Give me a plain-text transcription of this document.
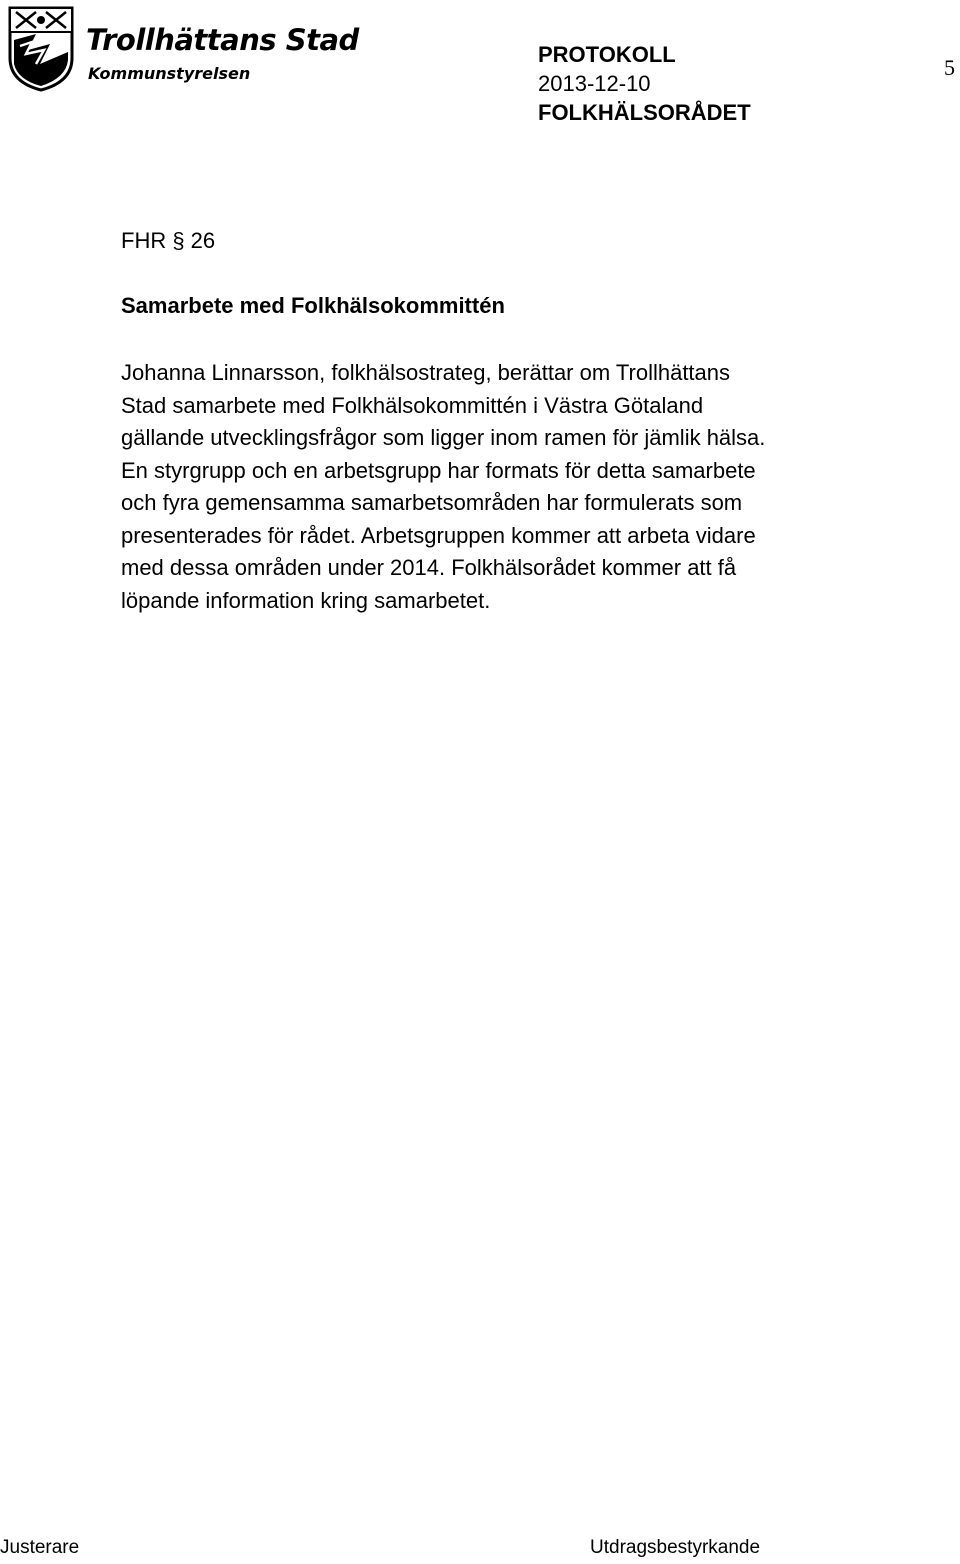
Trollhättans Stad
Kommunstyrelsen
PROTOKOLL
2013-12-10
FOLKHÄLSORÅDET
5
FHR § 26
Samarbete med Folkhälsokommittén
Johanna Linnarsson, folkhälsostrateg, berättar om Trollhättans
Stad samarbete med Folkhälsokommittén i Västra Götaland
gällande utvecklingsfrågor som ligger inom ramen för jämlik hälsa.
En styrgrupp och en arbetsgrupp har formats för detta samarbete
och fyra gemensamma samarbetsområden har formulerats som
presenterades för rådet. Arbetsgruppen kommer att arbeta vidare
med dessa områden under 2014. Folkhälsorådet kommer att få
löpande information kring samarbetet.
Justerare	Utdragsbestyrkande
